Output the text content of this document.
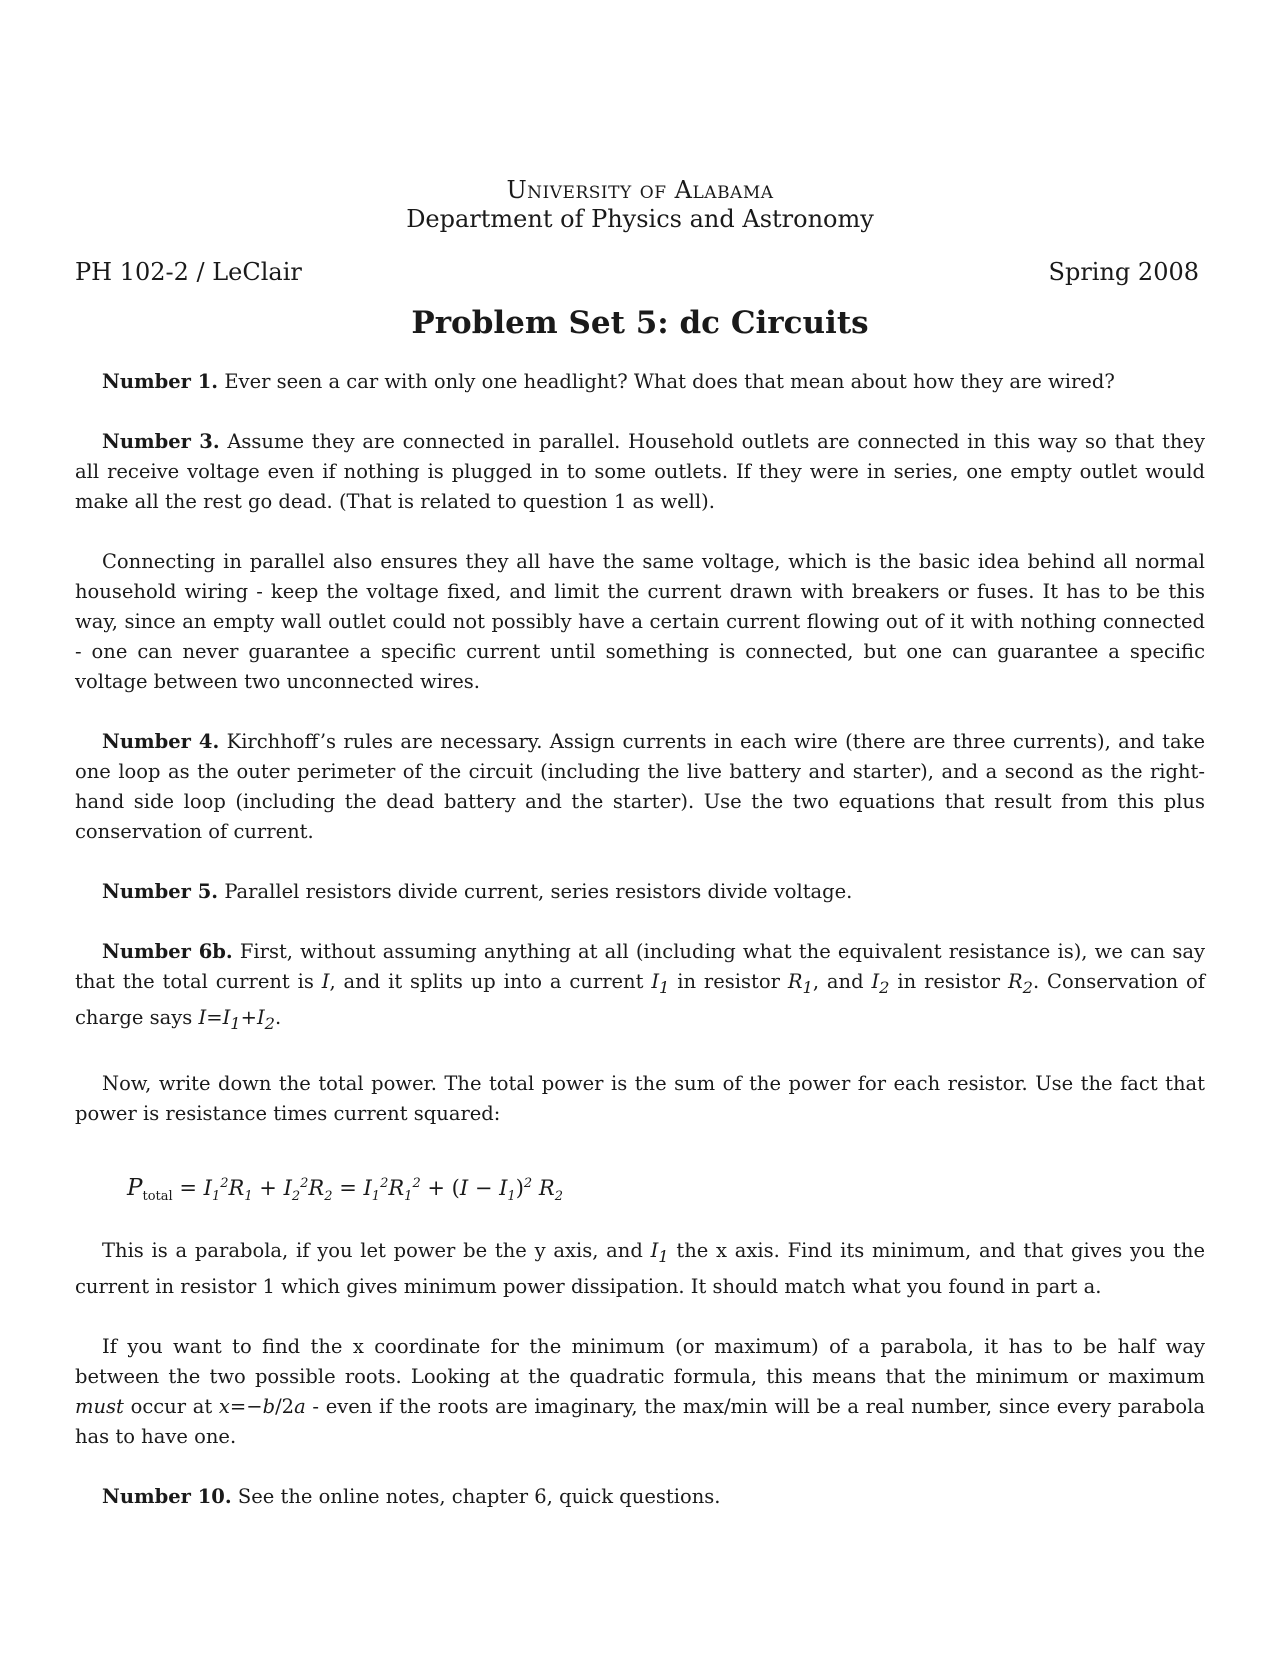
University of Alabama
Department of Physics and Astronomy
PH 102-2 / LeClair	Spring 2008
Problem Set 5: dc Circuits

Number 1. Ever seen a car with only one headlight? What does that mean about how they are wired?

Number 3. Assume they are connected in parallel. Household outlets are connected in this way so that they all receive voltage even if nothing is plugged in to some outlets. If they were in series, one empty outlet would make all the rest go dead. (That is related to question 1 as well).

Connecting in parallel also ensures they all have the same voltage, which is the basic idea behind all normal household wiring - keep the voltage fixed, and limit the current drawn with breakers or fuses. It has to be this way, since an empty wall outlet could not possibly have a certain current flowing out of it with nothing connected - one can never guarantee a specific current until something is connected, but one can guarantee a specific voltage between two unconnected wires.

Number 4. Kirchhoff’s rules are necessary. Assign currents in each wire (there are three currents), and take one loop as the outer perimeter of the circuit (including the live battery and starter), and a second as the right-hand side loop (including the dead battery and the starter). Use the two equations that result from this plus conservation of current.

Number 5. Parallel resistors divide current, series resistors divide voltage.

Number 6b. First, without assuming anything at all (including what the equivalent resistance is), we can say that the total current is I, and it splits up into a current $I_1$ in resistor $R_1$, and $I_2$ in resistor $R_2$. Conservation of charge says $I=I_1+I_2$.

Now, write down the total power. The total power is the sum of the power for each resistor. Use the fact that power is resistance times current squared:

$P_{total} = I_1^2R_1 + I_2^2R_2 = I_1^2R_1^2 + (I - I_1)^2$ $R_2$

This is a parabola, if you let power be the y axis, and $I_1$ the x axis. Find its minimum, and that gives you the current in resistor 1 which gives minimum power dissipation. It should match what you found in part a.

If you want to find the x coordinate for the minimum (or maximum) of a parabola, it has to be half way between the two possible roots. Looking at the quadratic formula, this means that the minimum or maximum must occur at x=−b/2a - even if the roots are imaginary, the max/min will be a real number, since every parabola has to have one.

Number 10. See the online notes, chapter 6, quick questions.
